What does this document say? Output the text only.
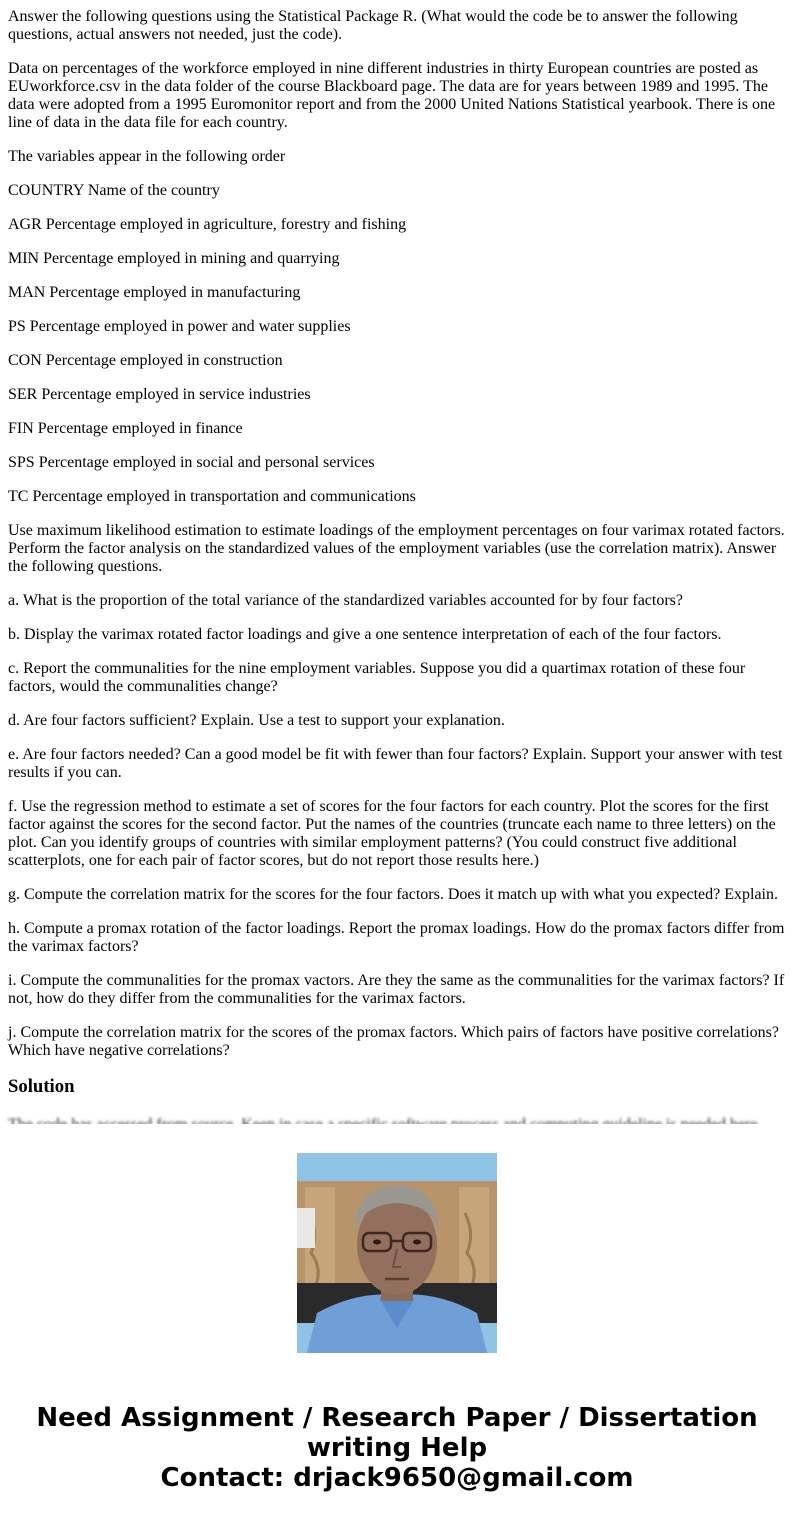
Answer the following questions using the Statistical Package R. (What would the code be to answer the following questions, actual answers not needed, just the code).

Data on percentages of the workforce employed in nine different industries in thirty European countries are posted as EUworkforce.csv in the data folder of the course Blackboard page. The data are for years between 1989 and 1995. The data were adopted from a 1995 Euromonitor report and from the 2000 United Nations Statistical yearbook. There is one line of data in the data file for each country.

The variables appear in the following order

COUNTRY Name of the country

AGR Percentage employed in agriculture, forestry and fishing

MIN Percentage employed in mining and quarrying

MAN Percentage employed in manufacturing

PS Percentage employed in power and water supplies

CON Percentage employed in construction

SER Percentage employed in service industries

FIN Percentage employed in finance

SPS Percentage employed in social and personal services

TC Percentage employed in transportation and communications

Use maximum likelihood estimation to estimate loadings of the employment percentages on four varimax rotated factors. Perform the factor analysis on the standardized values of the employment variables (use the correlation matrix). Answer the following questions.

a. What is the proportion of the total variance of the standardized variables accounted for by four factors?

b. Display the varimax rotated factor loadings and give a one sentence interpretation of each of the four factors.

c. Report the communalities for the nine employment variables. Suppose you did a quartimax rotation of these four factors, would the communalities change?

d. Are four factors sufficient? Explain. Use a test to support your explanation.

e. Are four factors needed? Can a good model be fit with fewer than four factors? Explain. Support your answer with test results if you can.

f. Use the regression method to estimate a set of scores for the four factors for each country. Plot the scores for the first factor against the scores for the second factor. Put the names of the countries (truncate each name to three letters) on the plot. Can you identify groups of countries with similar employment patterns? (You could construct five additional scatterplots, one for each pair of factor scores, but do not report those results here.)

g. Compute the correlation matrix for the scores for the four factors. Does it match up with what you expected? Explain.

h. Compute a promax rotation of the factor loadings. Report the promax loadings. How do the promax factors differ from the varimax factors?

i. Compute the communalities for the promax vactors. Are they the same as the communalities for the varimax factors? If not, how do they differ from the communalities for the varimax factors.

j. Compute the correlation matrix for the scores of the promax factors. Which pairs of factors have positive correlations? Which have negative correlations?

Solution
Need Assignment / Research Paper / Dissertation
writing Help
Contact: drjack9650@gmail.com
